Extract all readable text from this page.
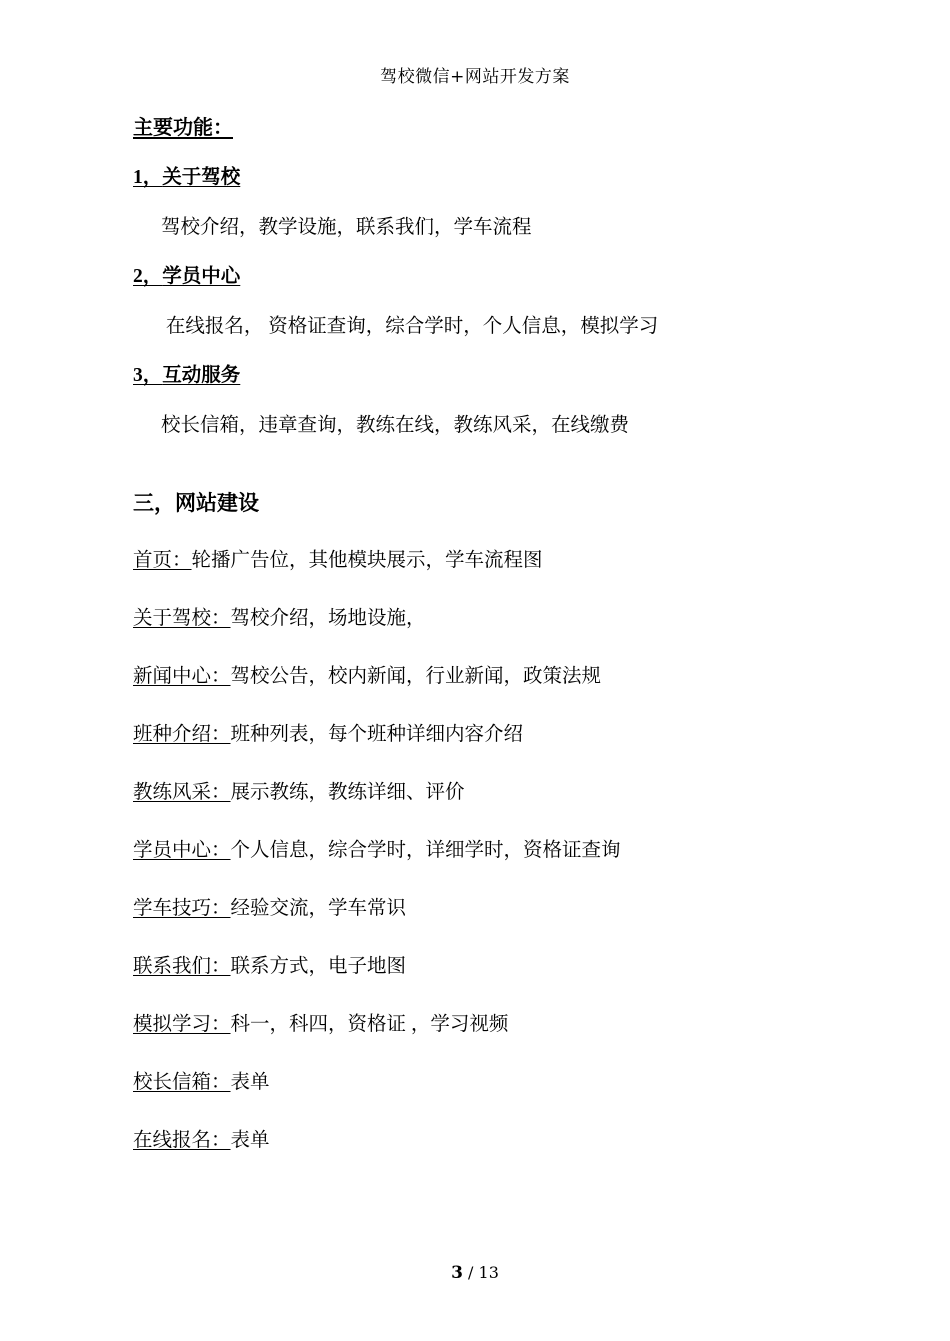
驾校微信+网站开发方案
主要功能：
1，关于驾校
驾校介绍，教学设施，联系我们，学车流程
2，学员中心
在线报名， 资格证查询，综合学时，个人信息，模拟学习
3，互动服务
校长信箱，违章查询，教练在线，教练风采，在线缴费
三，网站建设
首页：轮播广告位，其他模块展示，学车流程图
关于驾校：驾校介绍，场地设施，
新闻中心：驾校公告，校内新闻，行业新闻，政策法规
班种介绍：班种列表，每个班种详细内容介绍
教练风采：展示教练，教练详细、评价
学员中心：个人信息，综合学时，详细学时，资格证查询
学车技巧：经验交流，学车常识
联系我们：联系方式，电子地图
模拟学习：科一，科四，资格证 ，学习视频
校长信箱：表单
在线报名：表单
3 / 13
